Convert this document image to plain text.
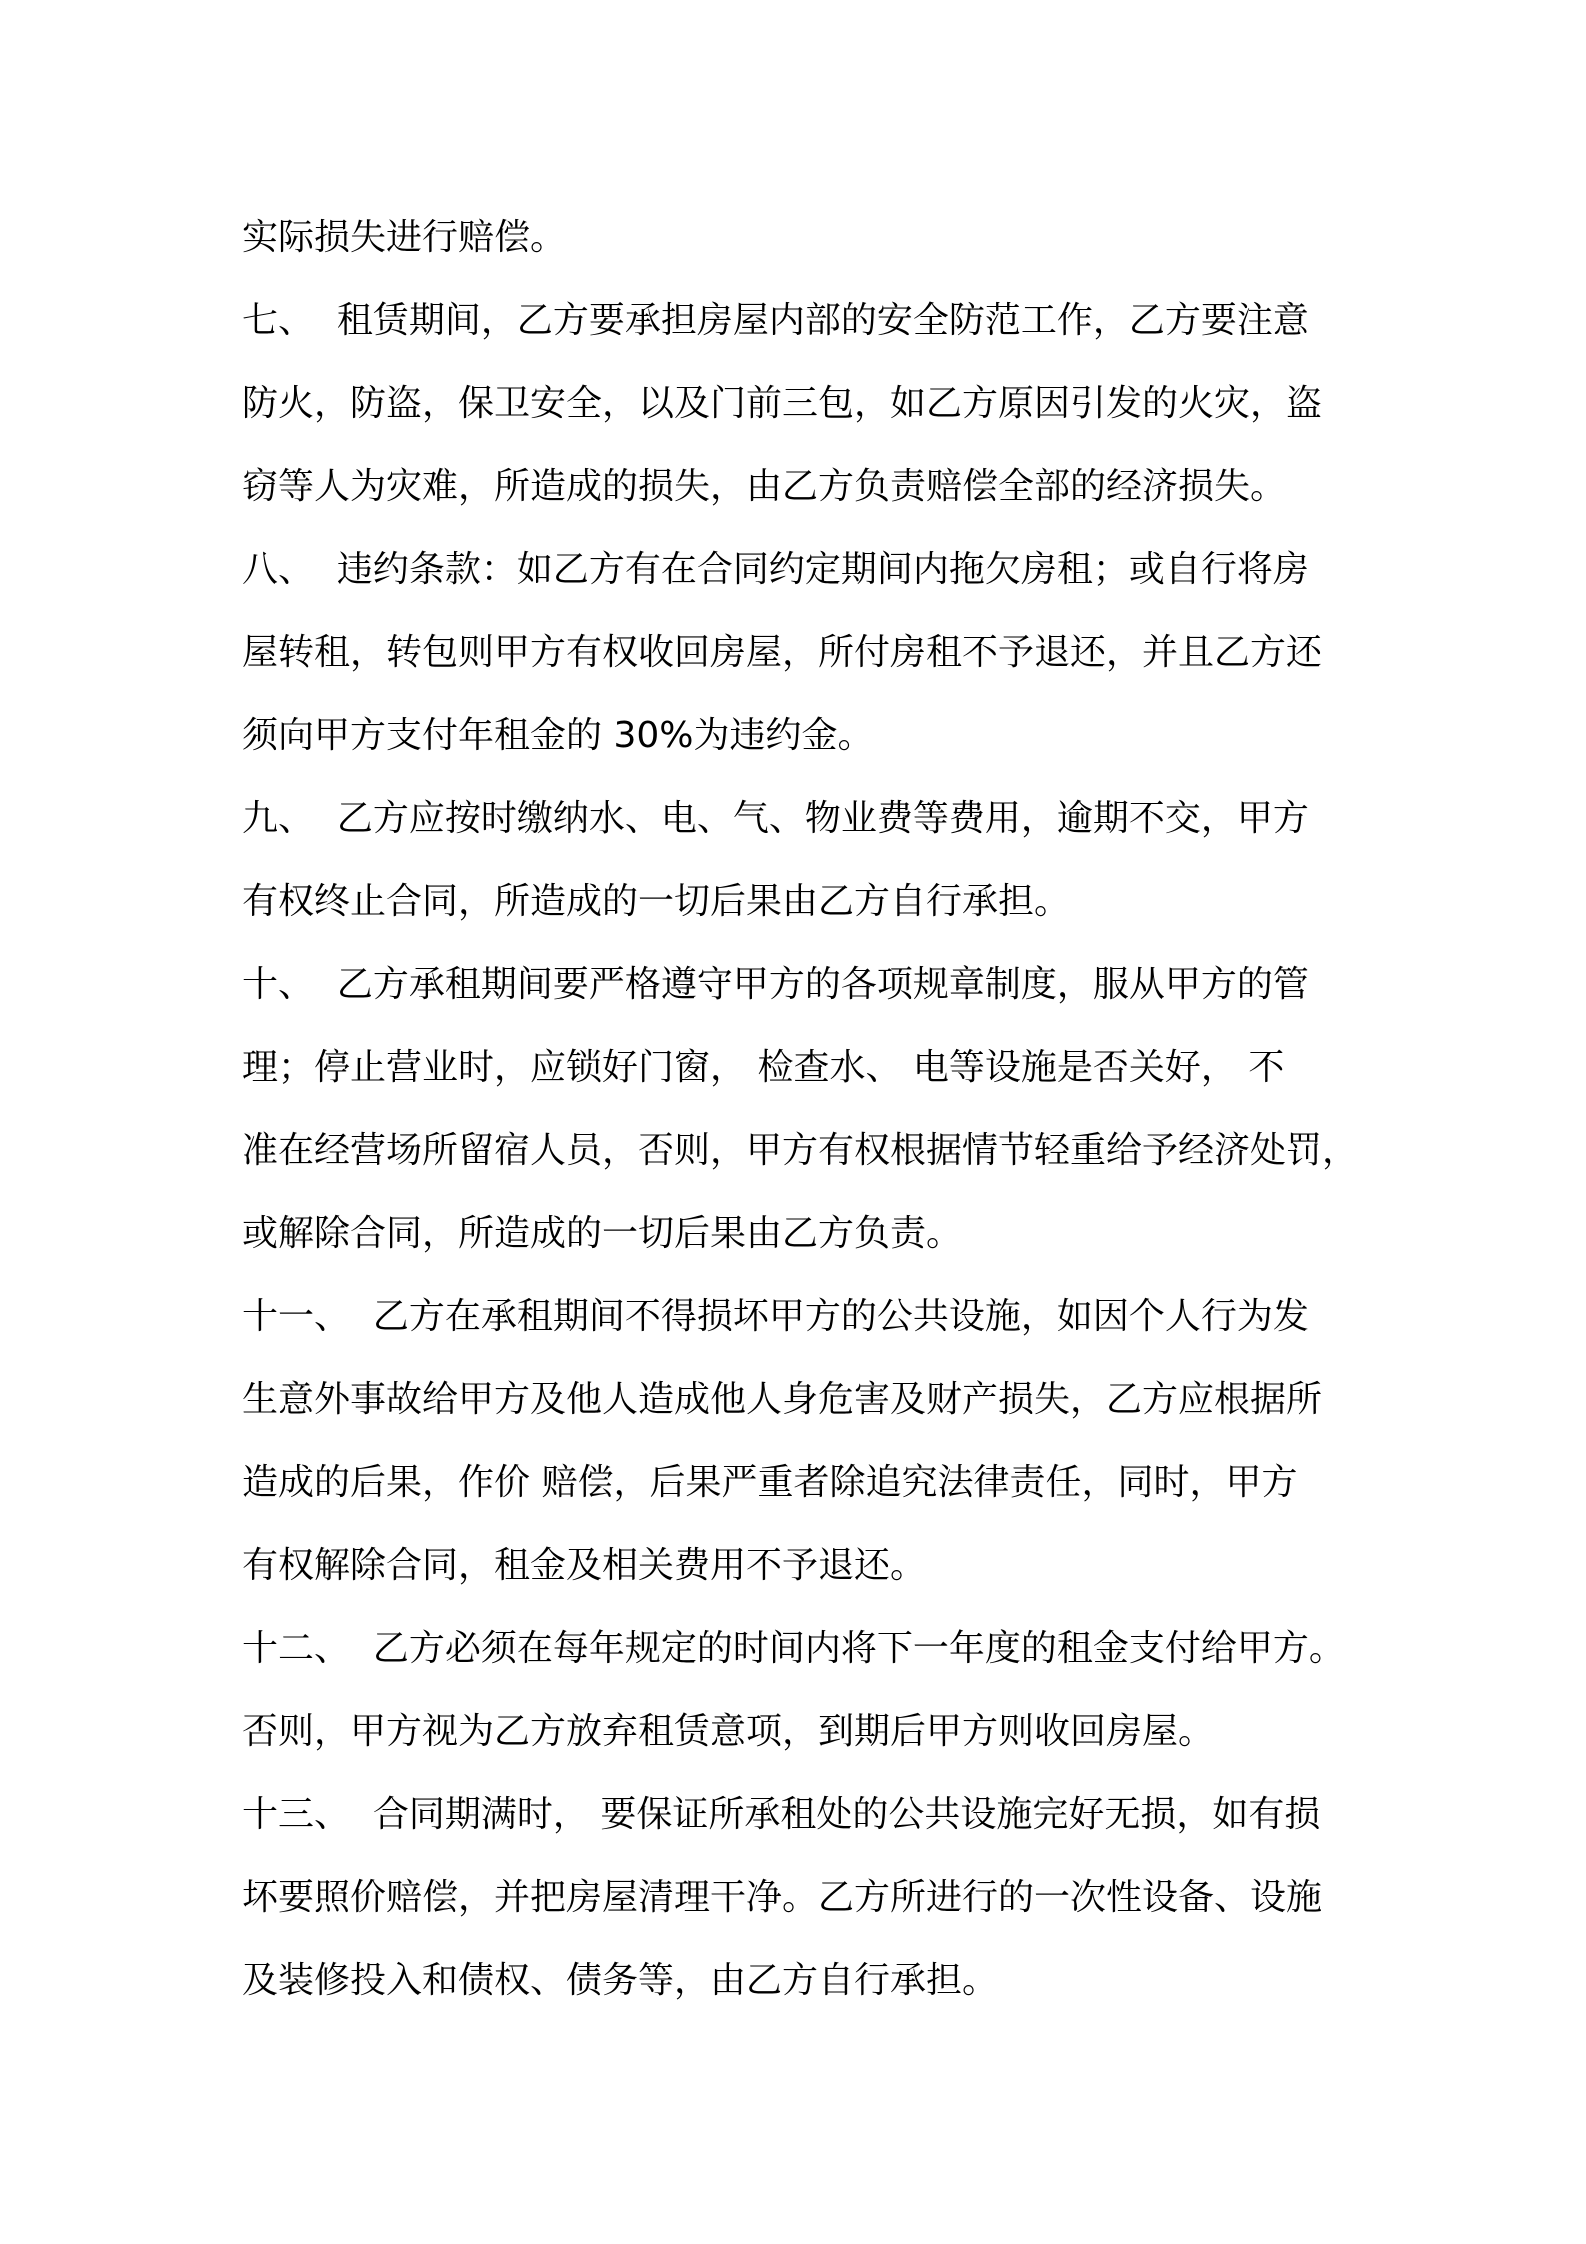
实际损失进行赔偿。
七、  租赁期间，乙方要承担房屋内部的安全防范工作，乙方要注意
防火，防盗，保卫安全，以及门前三包，如乙方原因引发的火灾，盗
窃等人为灾难，所造成的损失，由乙方负责赔偿全部的经济损失。
八、  违约条款：如乙方有在合同约定期间内拖欠房租；或自行将房
屋转租，转包则甲方有权收回房屋，所付房租不予退还，并且乙方还
须向甲方支付年租金的 30%为违约金。
九、  乙方应按时缴纳水、电、气、物业费等费用，逾期不交，甲方
有权终止合同，所造成的一切后果由乙方自行承担。
十、  乙方承租期间要严格遵守甲方的各项规章制度，服从甲方的管
理；停止营业时，应锁好门窗， 检查水、 电等设施是否关好， 不
准在经营场所留宿人员，否则，甲方有权根据情节轻重给予经济处罚，
或解除合同，所造成的一切后果由乙方负责。
十一、  乙方在承租期间不得损坏甲方的公共设施，如因个人行为发
生意外事故给甲方及他人造成他人身危害及财产损失，乙方应根据所
造成的后果，作价 赔偿，后果严重者除追究法律责任，同时，甲方
有权解除合同，租金及相关费用不予退还。
十二、  乙方必须在每年规定的时间内将下一年度的租金支付给甲方。
否则，甲方视为乙方放弃租赁意项，到期后甲方则收回房屋。
十三、  合同期满时， 要保证所承租处的公共设施完好无损，如有损
坏要照价赔偿，并把房屋清理干净。乙方所进行的一次性设备、设施
及装修投入和债权、债务等，由乙方自行承担。
